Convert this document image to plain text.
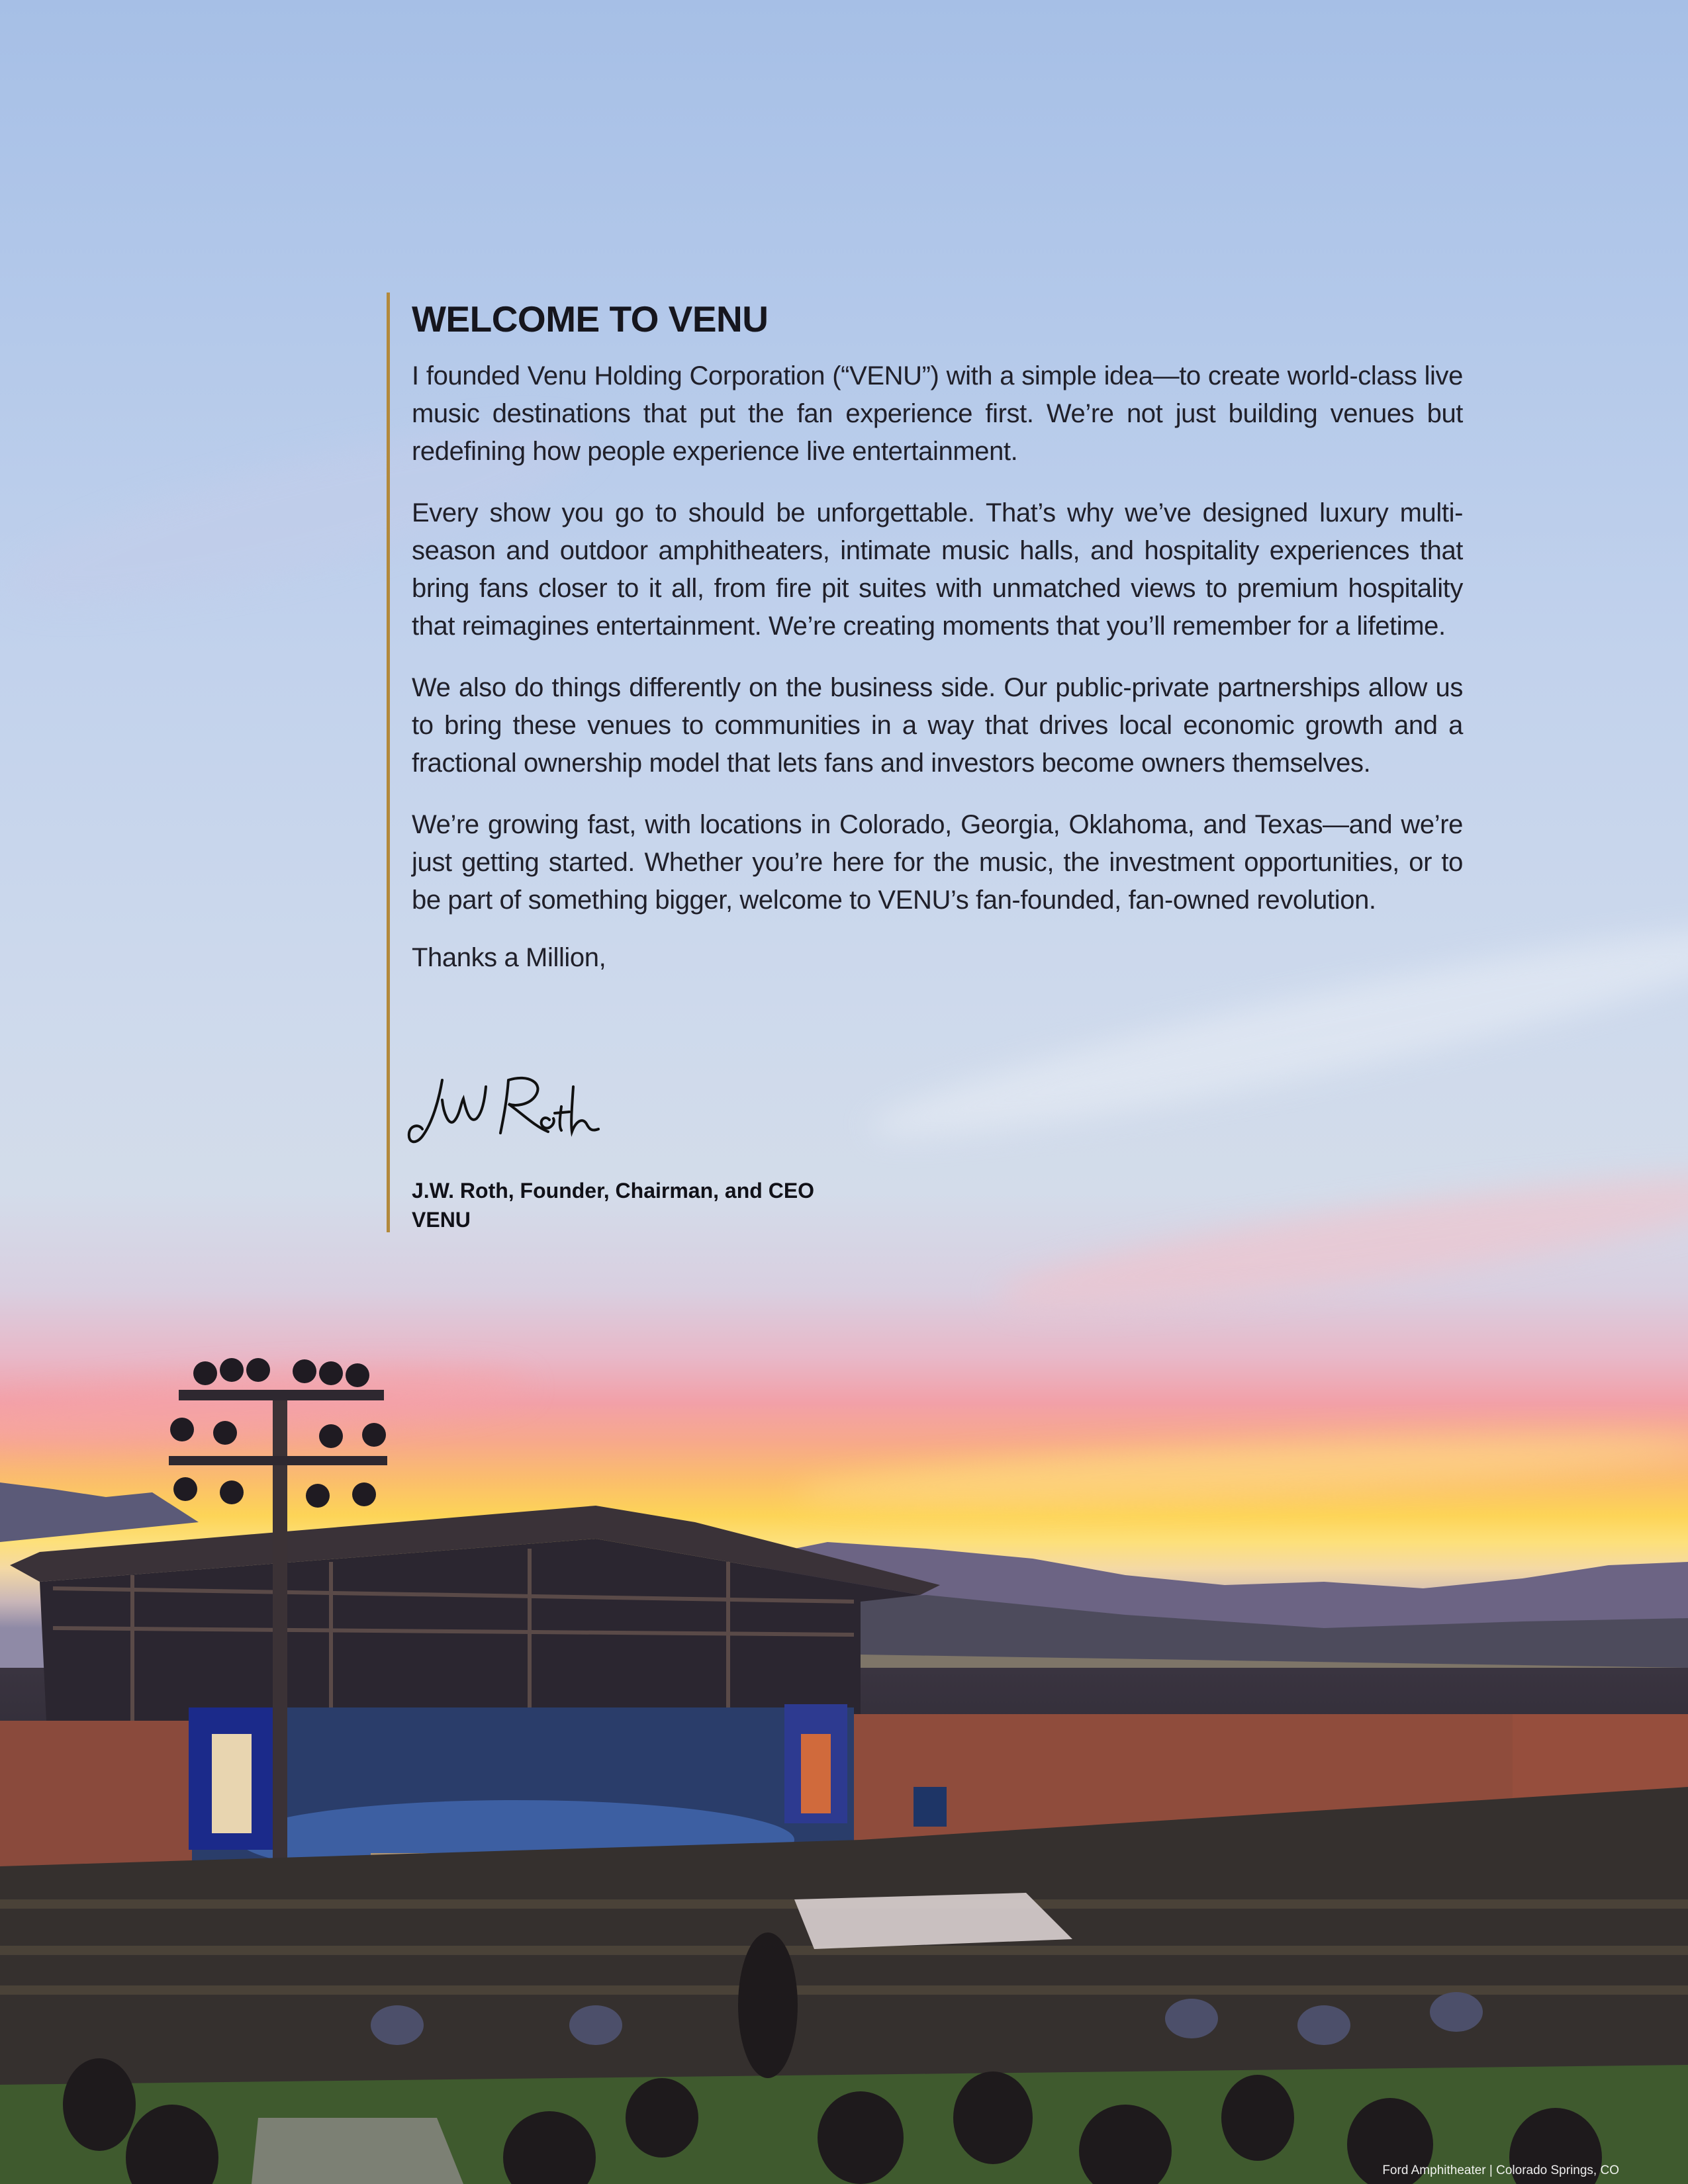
WELCOME TO VENU

I founded Venu Holding Corporation (“VENU”) with a simple idea—to create world-class live music destinations that put the fan experience first. We’re not just building venues but redefining how people experience live entertainment.

Every show you go to should be unforgettable. That’s why we’ve designed luxury multi-season and outdoor amphitheaters, intimate music halls, and hospitality experiences that bring fans closer to it all, from fire pit suites with unmatched views to premium hospitality that reimagines entertainment. We’re creating moments that you’ll remember for a lifetime.

We also do things differently on the business side. Our public-private partnerships allow us to bring these venues to communities in a way that drives local economic growth and a fractional ownership model that lets fans and investors become owners themselves.

We’re growing fast, with locations in Colorado, Georgia, Oklahoma, and Texas—and we’re just getting started. Whether you’re here for the music, the investment opportunities, or to be part of something bigger, welcome to VENU’s fan-founded, fan-owned revolution.

Thanks a Million,

J.W. Roth, Founder, Chairman, and CEO

VENU

Ford Amphitheater | Colorado Springs, CO
